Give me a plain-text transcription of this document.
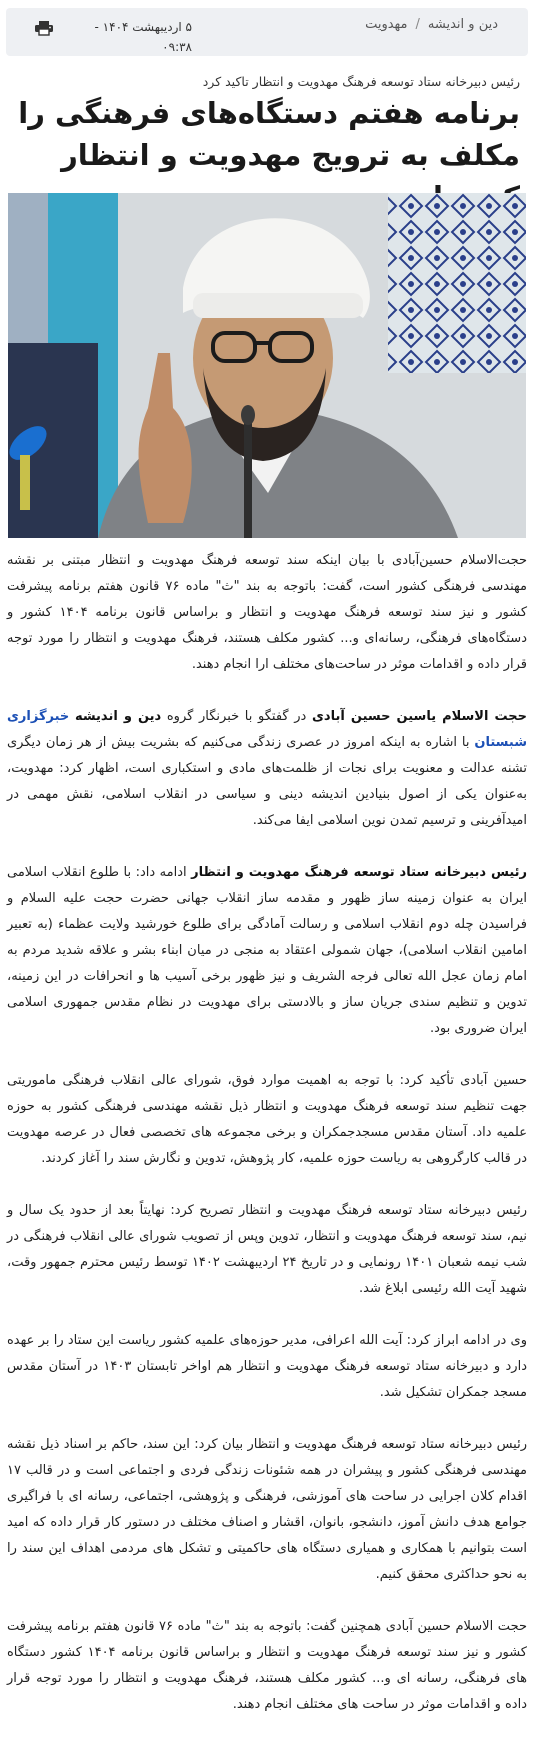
دین و اندیشه
/
مهدویت
۵ اردیبهشت ۱۴۰۴ -
۰۹:۳۸
رئیس دبیرخانه ستاد توسعه فرهنگ مهدویت و انتظار تاکید کرد
برنامه هفتم دستگاه‌های فرهنگی را مکلف به ترویج مهدویت و انتظار

حجت‌الاسلام حسین‌آبادی با بیان اینکه سند توسعه فرهنگ مهدویت و انتظار مبتنی بر نقشه مهندسی فرهنگی کشور است، گفت: باتوجه به بند "ث" ماده ۷۶ قانون هفتم برنامه پیشرفت کشور و نیز سند توسعه فرهنگ مهدویت و انتظار و براساس قانون برنامه ۱۴۰۴ کشور و دستگاه‌های فرهنگی، رسانه‌ای و... کشور مکلف هستند، فرهنگ مهدویت و انتظار را مورد توجه قرار داده و اقدامات موثر در ساحت‌های مختلف ارا انجام دهند.

حجت الاسلام یاسین حسین آبادی در گفتگو با خبرنگار گروه دین و اندیشه خبرگزاری شبستان با اشاره به اینکه امروز در عصری زندگی می‌کنیم که بشریت بیش از هر زمان دیگری تشنه عدالت و معنویت برای نجات از ظلمت‌های مادی و استکباری است، اظهار کرد: مهدویت، به‌عنوان یکی از اصول بنیادین اندیشه دینی و سیاسی در انقلاب اسلامی، نقش مهمی در امیدآفرینی و ترسیم تمدن نوین اسلامی ایفا می‌کند.

رئیس دبیرخانه ستاد توسعه فرهنگ مهدویت و انتظار ادامه داد: با طلوع انقلاب اسلامی ایران به عنوان زمینه ساز ظهور و مقدمه ساز انقلاب جهانی حضرت حجت علیه السلام و فراسیدن چله دوم انقلاب اسلامی و رسالت آمادگی برای طلوع خورشید ولایت عظماء (به تعبیر امامین انقلاب اسلامی)، جهان شمولی اعتقاد به منجی در میان ابناء بشر و علاقه شدید مردم به امام زمان عجل الله تعالی فرجه الشریف و نیز ظهور برخی آسیب ها و انحرافات در این زمینه، تدوین و تنظیم سندی جریان ساز و بالادستی برای مهدویت در نظام مقدس جمهوری اسلامی ایران ضروری بود.

حسین آبادی تأکید کرد: با توجه به اهمیت موارد فوق، شورای عالی انقلاب فرهنگی ماموریتی جهت تنظیم سند توسعه فرهنگ مهدویت و انتظار ذیل نقشه مهندسی فرهنگی کشور به حوزه علمیه داد. آستان مقدس مسجدجمکران و برخی مجموعه های تخصصی فعال در عرصه مهدویت در قالب کارگروهی به ریاست حوزه علمیه، کار پژوهش، تدوین و نگارش سند را آغاز کردند.

رئیس دبیرخانه ستاد توسعه فرهنگ مهدویت و انتظار تصریح کرد: نهایتاً بعد از حدود یک سال و نیم، سند توسعه فرهنگ مهدویت و انتظار، تدوین وپس از تصویب شورای عالی انقلاب فرهنگی در شب نیمه شعبان ۱۴۰۱ رونمایی و در تاریخ ۲۴ اردیبهشت ۱۴۰۲ توسط رئیس محترم جمهور وقت، شهید آیت الله رئیسی ابلاغ شد.

وی در ادامه ابراز کرد: آیت الله اعرافی، مدیر حوزه‌های علمیه کشور ریاست این ستاد را بر عهده دارد و دبیرخانه ستاد توسعه فرهنگ مهدویت و انتظار هم اواخر تابستان ۱۴۰۳ در آستان مقدس مسجد جمکران تشکیل شد.

رئیس دبیرخانه ستاد توسعه فرهنگ مهدویت و انتظار بیان کرد: این سند، حاکم بر اسناد ذیل نقشه مهندسی فرهنگی کشور و پیشران در همه شئونات زندگی فردی و اجتماعی است و در قالب ۱۷ اقدام کلان اجرایی در ساحت های آموزشی، فرهنگی و پژوهشی، اجتماعی، رسانه ای با فراگیری جوامع هدف دانش آموز، دانشجو، بانوان، اقشار و اصناف مختلف در دستور کار قرار داده که امید است بتوانیم با همکاری و همیاری دستگاه های حاکمیتی و تشکل های مردمی اهداف این سند را به نحو حداکثری محقق کنیم.

حجت الاسلام حسین آبادی همچنین گفت: باتوجه به بند "ث" ماده ۷۶ قانون هفتم برنامه پیشرفت کشور و نیز سند توسعه فرهنگ مهدویت و انتظار و براساس قانون برنامه ۱۴۰۴ کشور دستگاه های فرهنگی، رسانه ای و... کشور مکلف هستند، فرهنگ مهدویت و انتظار را مورد توجه قرار داده و اقدامات موثر در ساحت های مختلف انجام دهند.
